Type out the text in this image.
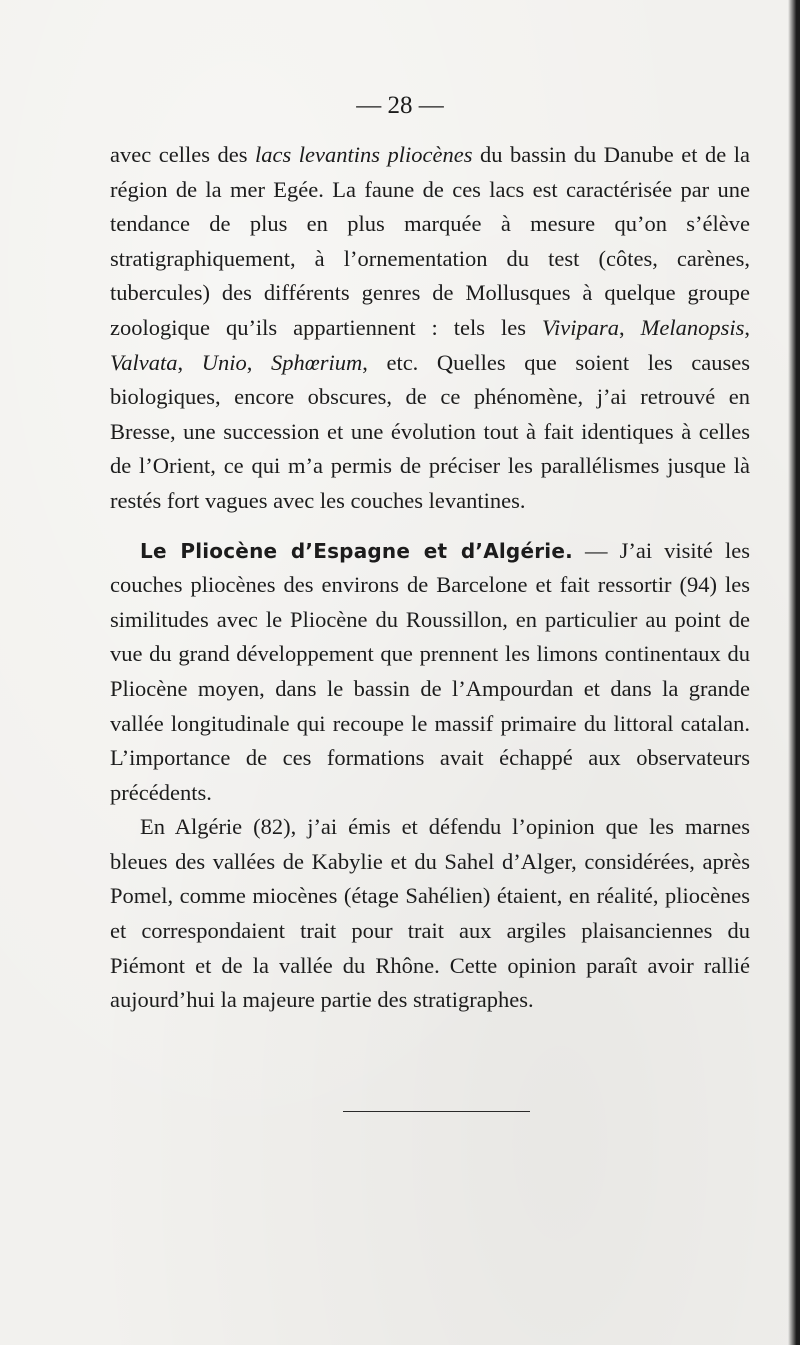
— 28 —

avec celles des lacs levantins pliocènes du bassin du Danube et de la région de la mer Egée. La faune de ces lacs est caractérisée par une tendance de plus en plus marquée à mesure qu’on s’élève stratigraphiquement, à l’ornementation du test (côtes, carènes, tubercules) des différents genres de Mollusques à quelque groupe zoologique qu’ils appartiennent : tels les Vivipara, Melanopsis, Valvata, Unio, Sphœrium, etc. Quelles que soient les causes biologiques, encore obscures, de ce phénomène, j’ai retrouvé en Bresse, une succession et une évolution tout à fait identiques à celles de l’Orient, ce qui m’a permis de préciser les parallélismes jusque là restés fort vagues avec les couches levantines.

Le Pliocène d’Espagne et d’Algérie. — J’ai visité les couches pliocènes des environs de Barcelone et fait ressortir (94) les similitudes avec le Pliocène du Roussillon, en particulier au point de vue du grand développement que prennent les limons continentaux du Pliocène moyen, dans le bassin de l’Ampourdan et dans la grande vallée longitudinale qui recoupe le massif primaire du littoral catalan. L’importance de ces formations avait échappé aux observateurs précédents.

En Algérie (82), j’ai émis et défendu l’opinion que les marnes bleues des vallées de Kabylie et du Sahel d’Alger, considérées, après Pomel, comme miocènes (étage Sahélien) étaient, en réalité, pliocènes et correspondaient trait pour trait aux argiles plaisanciennes du Piémont et de la vallée du Rhône. Cette opinion paraît avoir rallié aujourd’hui la majeure partie des stratigraphes.
